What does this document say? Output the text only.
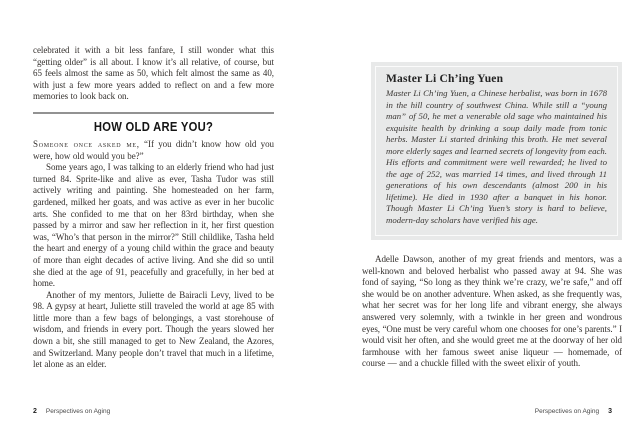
celebrated it with a bit less fanfare, I still wonder what this “getting older” is all about. I know it’s all relative, of course, but 65 feels almost the same as 50, which felt almost the same as 40, with just a few more years added to reflect on and a few more memories to look back on.

HOW OLD ARE YOU?

Someone once asked me, “If you didn’t know how old you were, how old would you be?”

Some years ago, I was talking to an elderly friend who had just turned 84. Sprite-like and alive as ever, Tasha Tudor was still actively writing and painting. She homesteaded on her farm, gardened, milked her goats, and was active as ever in her bucolic arts. She confided to me that on her 83rd birthday, when she passed by a mirror and saw her reflection in it, her first question was, “Who’s that person in the mirror?” Still childlike, Tasha held the heart and energy of a young child within the grace and beauty of more than eight decades of active living. And she did so until she died at the age of 91, peacefully and gracefully, in her bed at home.

Another of my mentors, Juliette de Bairacli Levy, lived to be 98. A gypsy at heart, Juliette still traveled the world at age 85 with little more than a few bags of belongings, a vast storehouse of wisdom, and friends in every port. Though the years slowed her down a bit, she still managed to get to New Zealand, the Azores, and Switzerland. Many people don’t travel that much in a lifetime, let alone as an elder.

2 Perspectives on Aging
Master Li Ch’ing Yuen

Master Li Ch’ing Yuen, a Chinese herbalist, was born in 1678 in the hill country of southwest China. While still a “young man” of 50, he met a venerable old sage who maintained his exquisite health by drinking a soup daily made from tonic herbs. Master Li started drinking this broth. He met several more elderly sages and learned secrets of longevity from each. His efforts and commitment were well rewarded; he lived to the age of 252, was married 14 times, and lived through 11 generations of his own descendants (almost 200 in his lifetime). He died in 1930 after a banquet in his honor. Though Master Li Ch’ing Yuen’s story is hard to believe, modern-day scholars have verified his age.

Adelle Dawson, another of my great friends and mentors, was a well-known and beloved herbalist who passed away at 94. She was fond of saying, “So long as they think we’re crazy, we’re safe,” and off she would be on another adventure. When asked, as she frequently was, what her secret was for her long life and vibrant energy, she always answered very solemnly, with a twinkle in her green and wondrous eyes, “One must be very careful whom one chooses for one’s parents.” I would visit her often, and she would greet me at the doorway of her old farmhouse with her famous sweet anise liqueur — homemade, of course — and a chuckle filled with the sweet elixir of youth.

Perspectives on Aging 3
